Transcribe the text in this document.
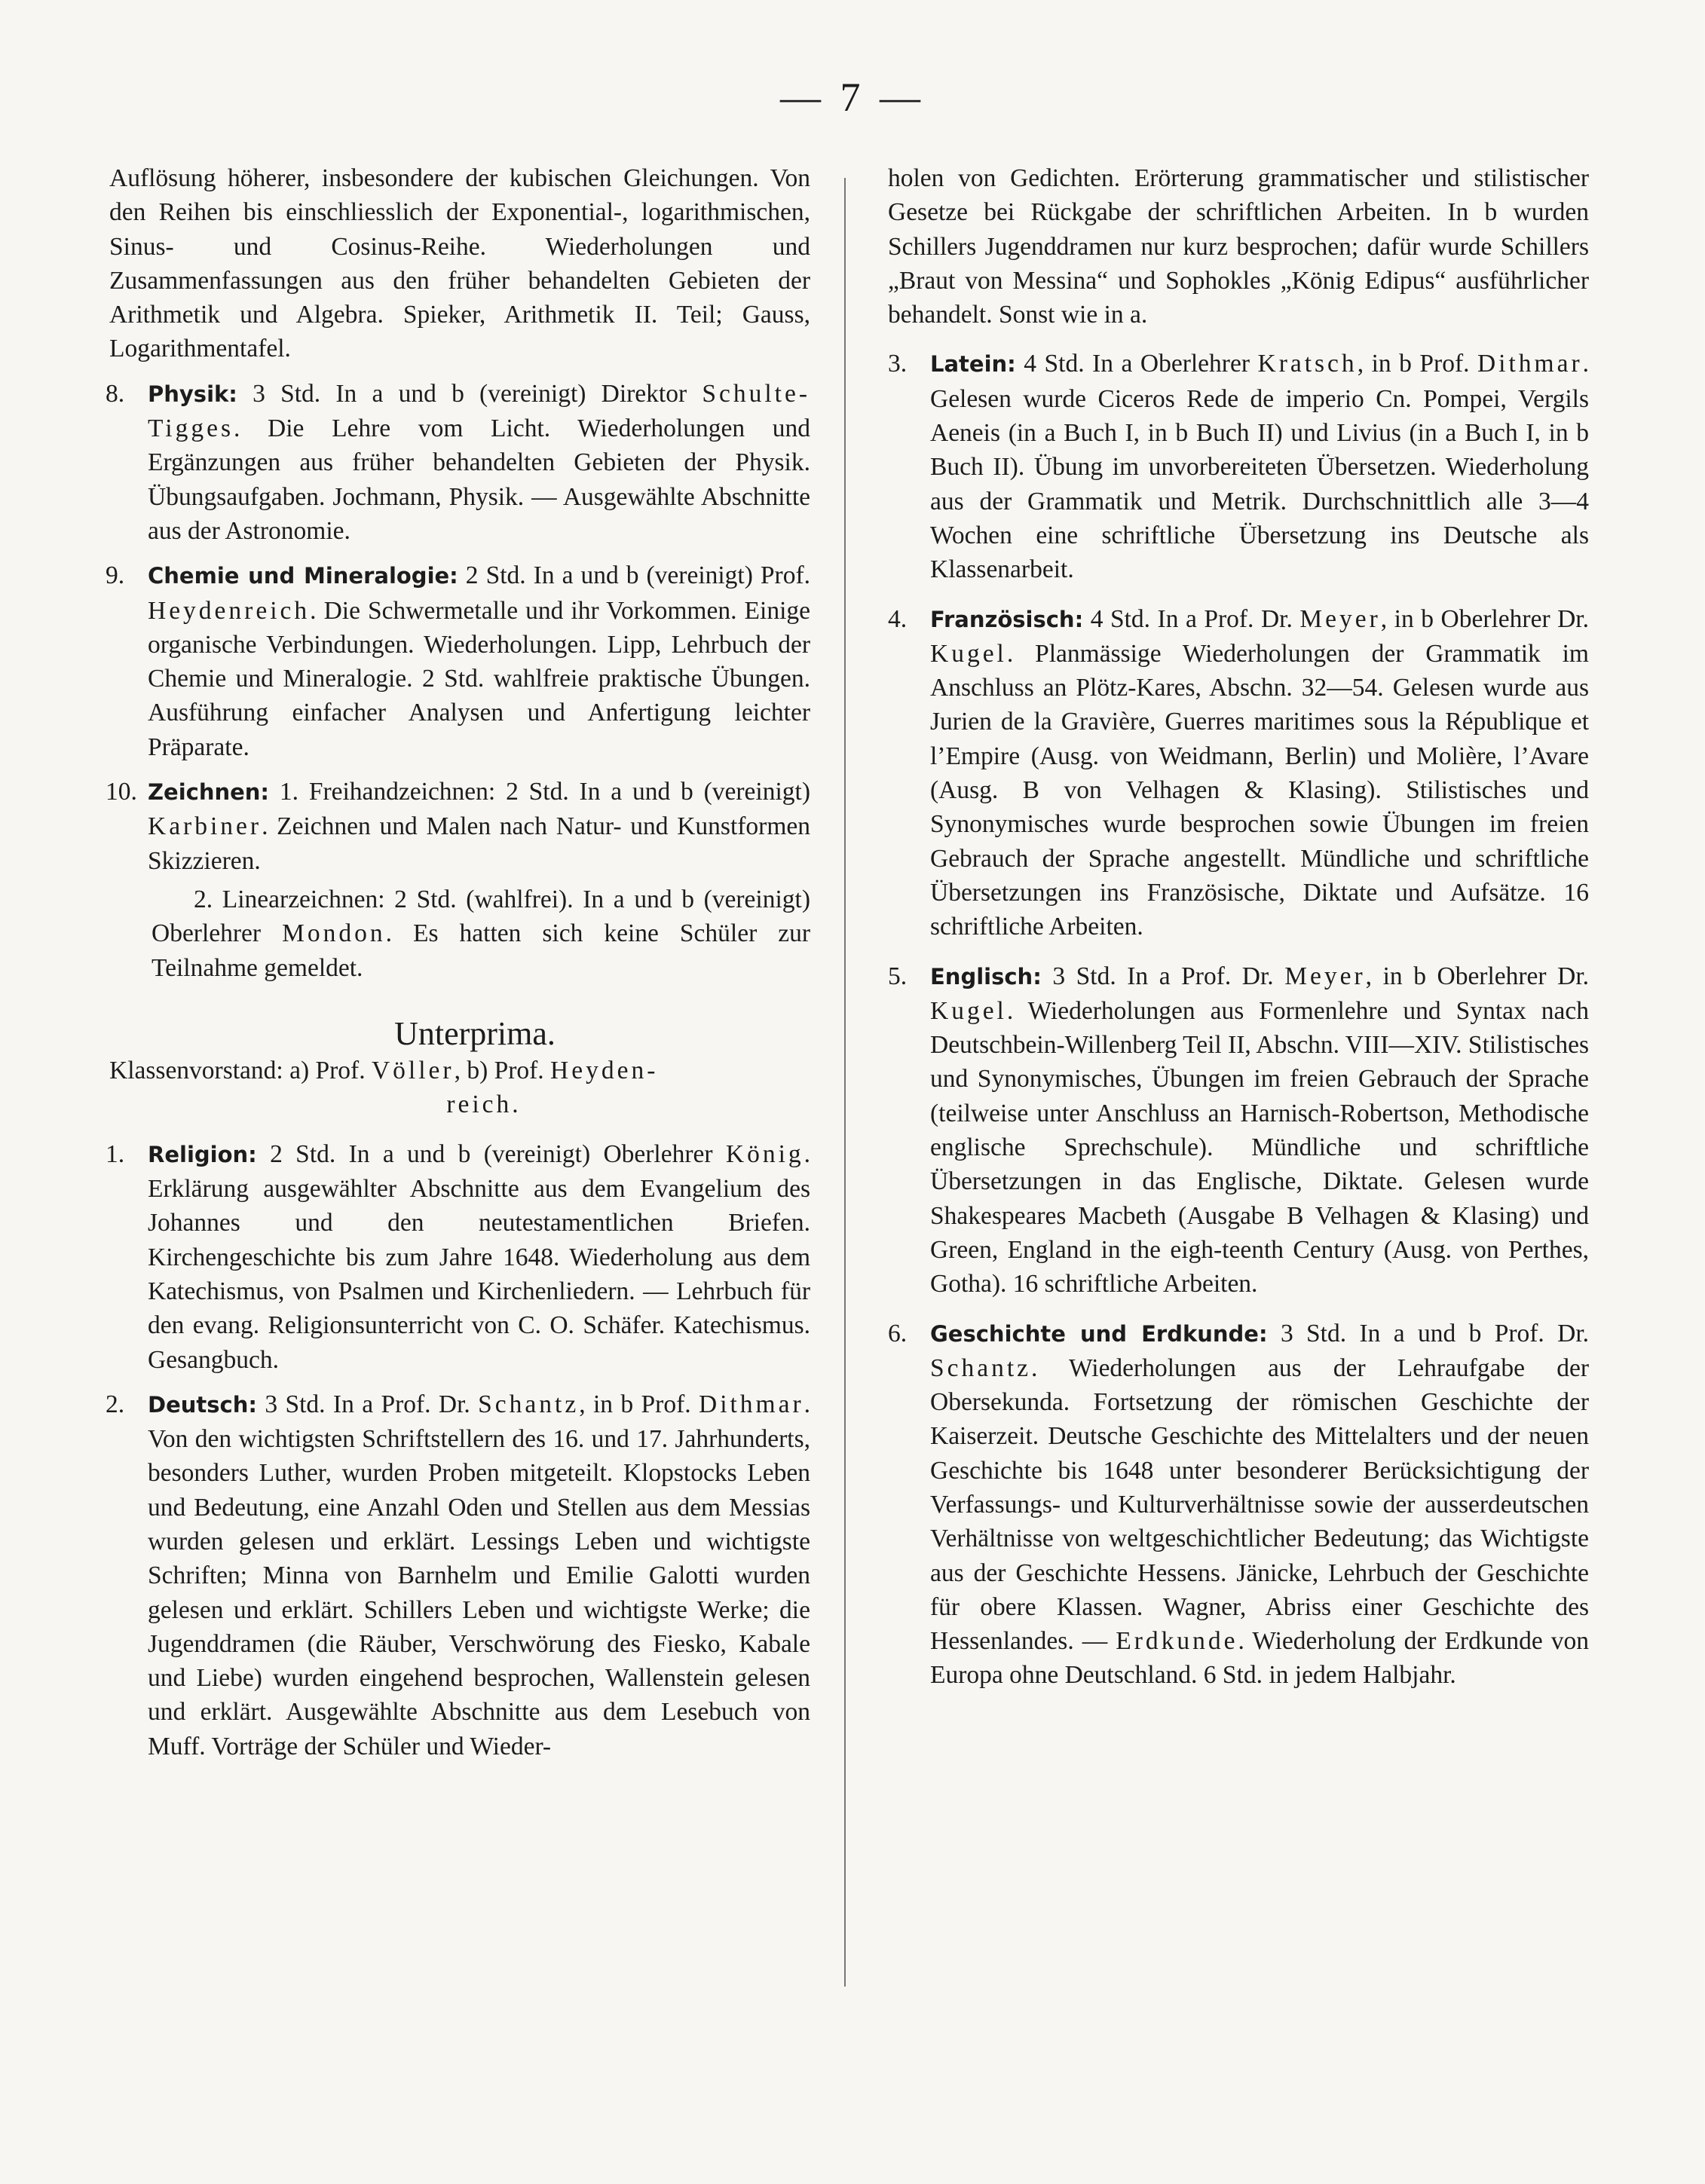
— 7 —

Auflösung höherer, insbesondere der kubischen Gleichungen. Von den Reihen bis einschliesslich der Exponential-, logarithmischen, Sinus- und Cosinus-Reihe. Wiederholungen und Zusammenfassungen aus den früher behandelten Gebieten der Arithmetik und Algebra. Spieker, Arithmetik II. Teil; Gauss, Logarithmentafel.

8.	Physik: 3 Std. In a und b (vereinigt) Direktor Schulte-Tigges. Die Lehre vom Licht. Wiederholungen und Ergänzungen aus früher behandelten Gebieten der Physik. Übungsaufgaben. Jochmann, Physik. — Ausgewählte Abschnitte aus der Astronomie.
9.	Chemie und Mineralogie: 2 Std. In a und b (vereinigt) Prof. Heydenreich. Die Schwermetalle und ihr Vorkommen. Einige organische Verbindungen. Wiederholungen. Lipp, Lehrbuch der Chemie und Mineralogie. 2 Std. wahlfreie praktische Übungen. Ausführung einfacher Analysen und Anfertigung leichter Präparate.
10. Zeichnen: 1. Freihandzeichnen: 2 Std. In a und b (vereinigt) Karbiner. Zeichnen und Malen nach Natur- und Kunstformen Skizzieren.

2. Linearzeichnen: 2 Std. (wahlfrei). In a und b (vereinigt) Oberlehrer Mondon. Es hatten sich keine Schüler zur Teilnahme gemeldet.

Unterprima.

Klassenvorstand: a) Prof. Völler, b) Prof. Heyden-

reich.
1.	Religion: 2 Std. In a und b (vereinigt) Oberlehrer König. Erklärung ausgewählter Abschnitte aus dem Evangelium des Johannes und den neutestamentlichen Briefen. Kirchengeschichte bis zum Jahre 1648. Wiederholung aus dem Katechismus, von Psalmen und Kirchenliedern. — Lehrbuch für den evang. Religionsunterricht von C. O. Schäfer. Katechismus. Gesangbuch.
2.	Deutsch: 3 Std. In a Prof. Dr. Schantz, in b Prof. Dithmar. Von den wichtigsten Schriftstellern des 16. und 17. Jahrhunderts, besonders Luther, wurden Proben mitgeteilt. Klopstocks Leben und Bedeutung, eine Anzahl Oden und Stellen aus dem Messias wurden gelesen und erklärt. Lessings Leben und wichtigste Schriften; Minna von Barnhelm und Emilie Galotti wurden gelesen und erklärt. Schillers Leben und wichtigste Werke; die Jugenddramen (die Räuber, Verschwörung des Fiesko, Kabale und Liebe) wurden eingehend besprochen, Wallenstein gelesen und erklärt. Ausgewählte Abschnitte aus dem Lesebuch von Muff. Vorträge der Schüler und Wieder-

holen von Gedichten. Erörterung grammatischer und stilistischer Gesetze bei Rückgabe der schriftlichen Arbeiten. In b wurden Schillers Jugenddramen nur kurz besprochen; dafür wurde Schillers „Braut von Messina“ und Sophokles „König Edipus“ ausführlicher behandelt. Sonst wie in a.

3.	Latein: 4 Std. In a Oberlehrer Kratsch, in b Prof. Dithmar. Gelesen wurde Ciceros Rede de imperio Cn. Pompei, Vergils Aeneis (in a Buch I, in b Buch II) und Livius (in a Buch I, in b Buch II). Übung im unvorbereiteten Übersetzen. Wiederholung aus der Grammatik und Metrik. Durchschnittlich alle 3—4 Wochen eine schriftliche Übersetzung ins Deutsche als Klassenarbeit.
4.	Französisch: 4 Std. In a Prof. Dr. Meyer, in b Oberlehrer Dr. Kugel. Planmässige Wiederholungen der Grammatik im Anschluss an Plötz-Kares, Abschn. 32—54. Gelesen wurde aus Jurien de la Gravière, Guerres maritimes sous la République et l’Empire (Ausg. von Weidmann, Berlin) und Molière, l’Avare (Ausg. B von Velhagen & Klasing). Stilistisches und Synonymisches wurde besprochen sowie Übungen im freien Gebrauch der Sprache angestellt. Mündliche und schriftliche Übersetzungen ins Französische, Diktate und Aufsätze. 16 schriftliche Arbeiten.
5.	Englisch: 3 Std. In a Prof. Dr. Meyer, in b Oberlehrer Dr. Kugel. Wiederholungen aus Formenlehre und Syntax nach Deutschbein-Willenberg Teil II, Abschn. VIII—XIV. Stilistisches und Synonymisches, Übungen im freien Gebrauch der Sprache (teilweise unter Anschluss an Harnisch-Robertson, Methodische englische Sprechschule). Mündliche und schriftliche Übersetzungen in das Englische, Diktate. Gelesen wurde Shakespeares Macbeth (Ausgabe B Velhagen & Klasing) und Green, England in the eigh-teenth Century (Ausg. von Perthes, Gotha). 16 schriftliche Arbeiten.
6.	Geschichte und Erdkunde: 3 Std. In a und b Prof. Dr. Schantz. Wiederholungen aus der Lehraufgabe der Obersekunda. Fortsetzung der römischen Geschichte der Kaiserzeit. Deutsche Geschichte des Mittelalters und der neuen Geschichte bis 1648 unter besonderer Berücksichtigung der Verfassungs- und Kulturverhältnisse sowie der ausserdeutschen Verhältnisse von weltgeschichtlicher Bedeutung; das Wichtigste aus der Geschichte Hessens. Jänicke, Lehrbuch der Geschichte für obere Klassen. Wagner, Abriss einer Geschichte des Hessenlandes. — Erdkunde. Wiederholung der Erdkunde von Europa ohne Deutschland. 6 Std. in jedem Halbjahr.
